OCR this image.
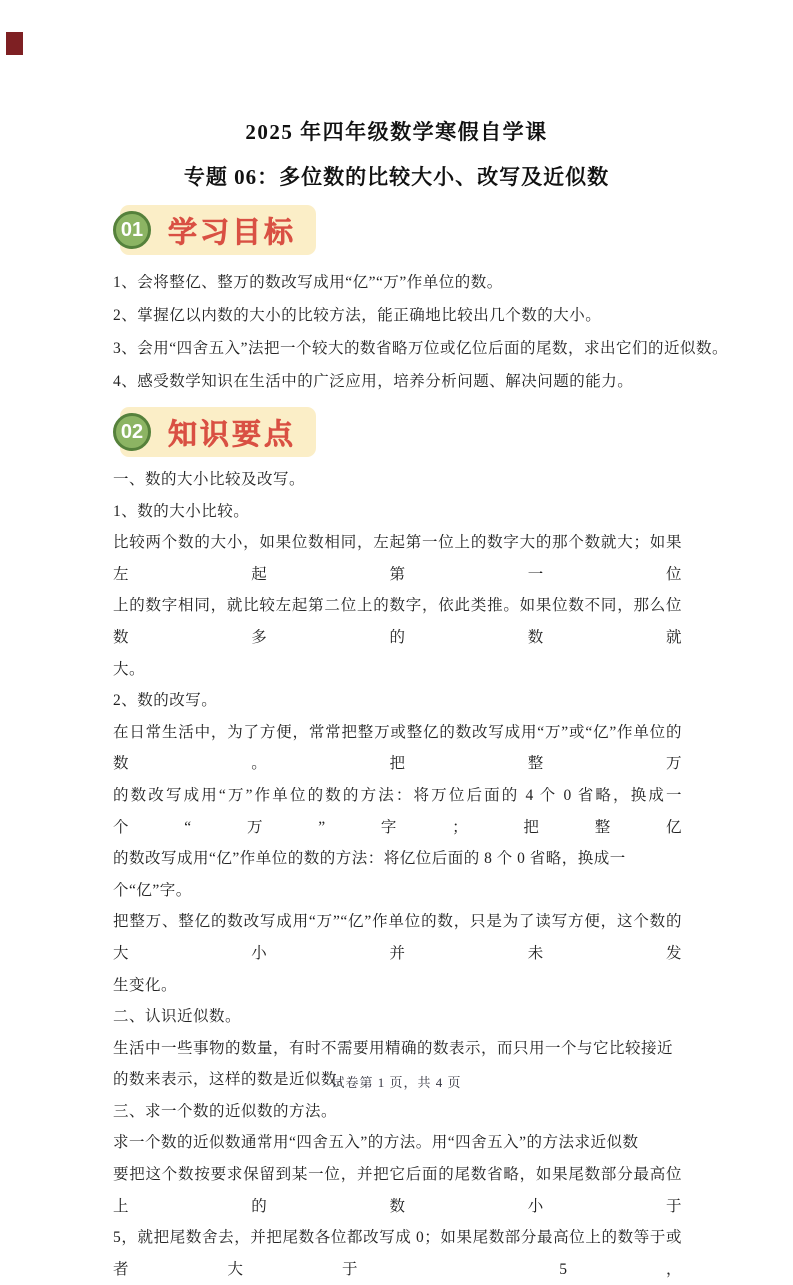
2025 年四年级数学寒假自学课
专题 06：多位数的比较大小、改写及近似数
01 学习目标
1、会将整亿、整万的数改写成用“亿”“万”作单位的数。
2、掌握亿以内数的大小的比较方法，能正确地比较出几个数的大小。
3、会用“四舍五入”法把一个较大的数省略万位或亿位后面的尾数，求出它们的近似数。
4、感受数学知识在生活中的广泛应用，培养分析问题、解决问题的能力。
02 知识要点
一、数的大小比较及改写。
1、数的大小比较。
比较两个数的大小，如果位数相同，左起第一位上的数字大的那个数就大；如果左起第一位
上的数字相同，就比较左起第二位上的数字，依此类推。如果位数不同，那么位数多的数就
大。
2、数的改写。
在日常生活中，为了方便，常常把整万或整亿的数改写成用“万”或“亿”作单位的数。把整万
的数改写成用“万”作单位的数的方法：将万位后面的 4 个 0 省略，换成一个“万”字；把整亿
的数改写成用“亿”作单位的数的方法：将亿位后面的 8 个 0 省略，换成一个“亿”字。
把整万、整亿的数改写成用“万”“亿”作单位的数，只是为了读写方便，这个数的大小并未发
生变化。
二、认识近似数。
生活中一些事物的数量，有时不需要用精确的数表示，而只用一个与它比较接近
的数来表示，这样的数是近似数。
三、求一个数的近似数的方法。
求一个数的近似数通常用“四舍五入”的方法。用“四舍五入”的方法求近似数
要把这个数按要求保留到某一位，并把它后面的尾数省略，如果尾数部分最高位上的数小于
5，就把尾数舍去，并把尾数各位都改写成 0；如果尾数部分最高位上的数等于或者大于 5，
试卷第 1 页，共 4 页
